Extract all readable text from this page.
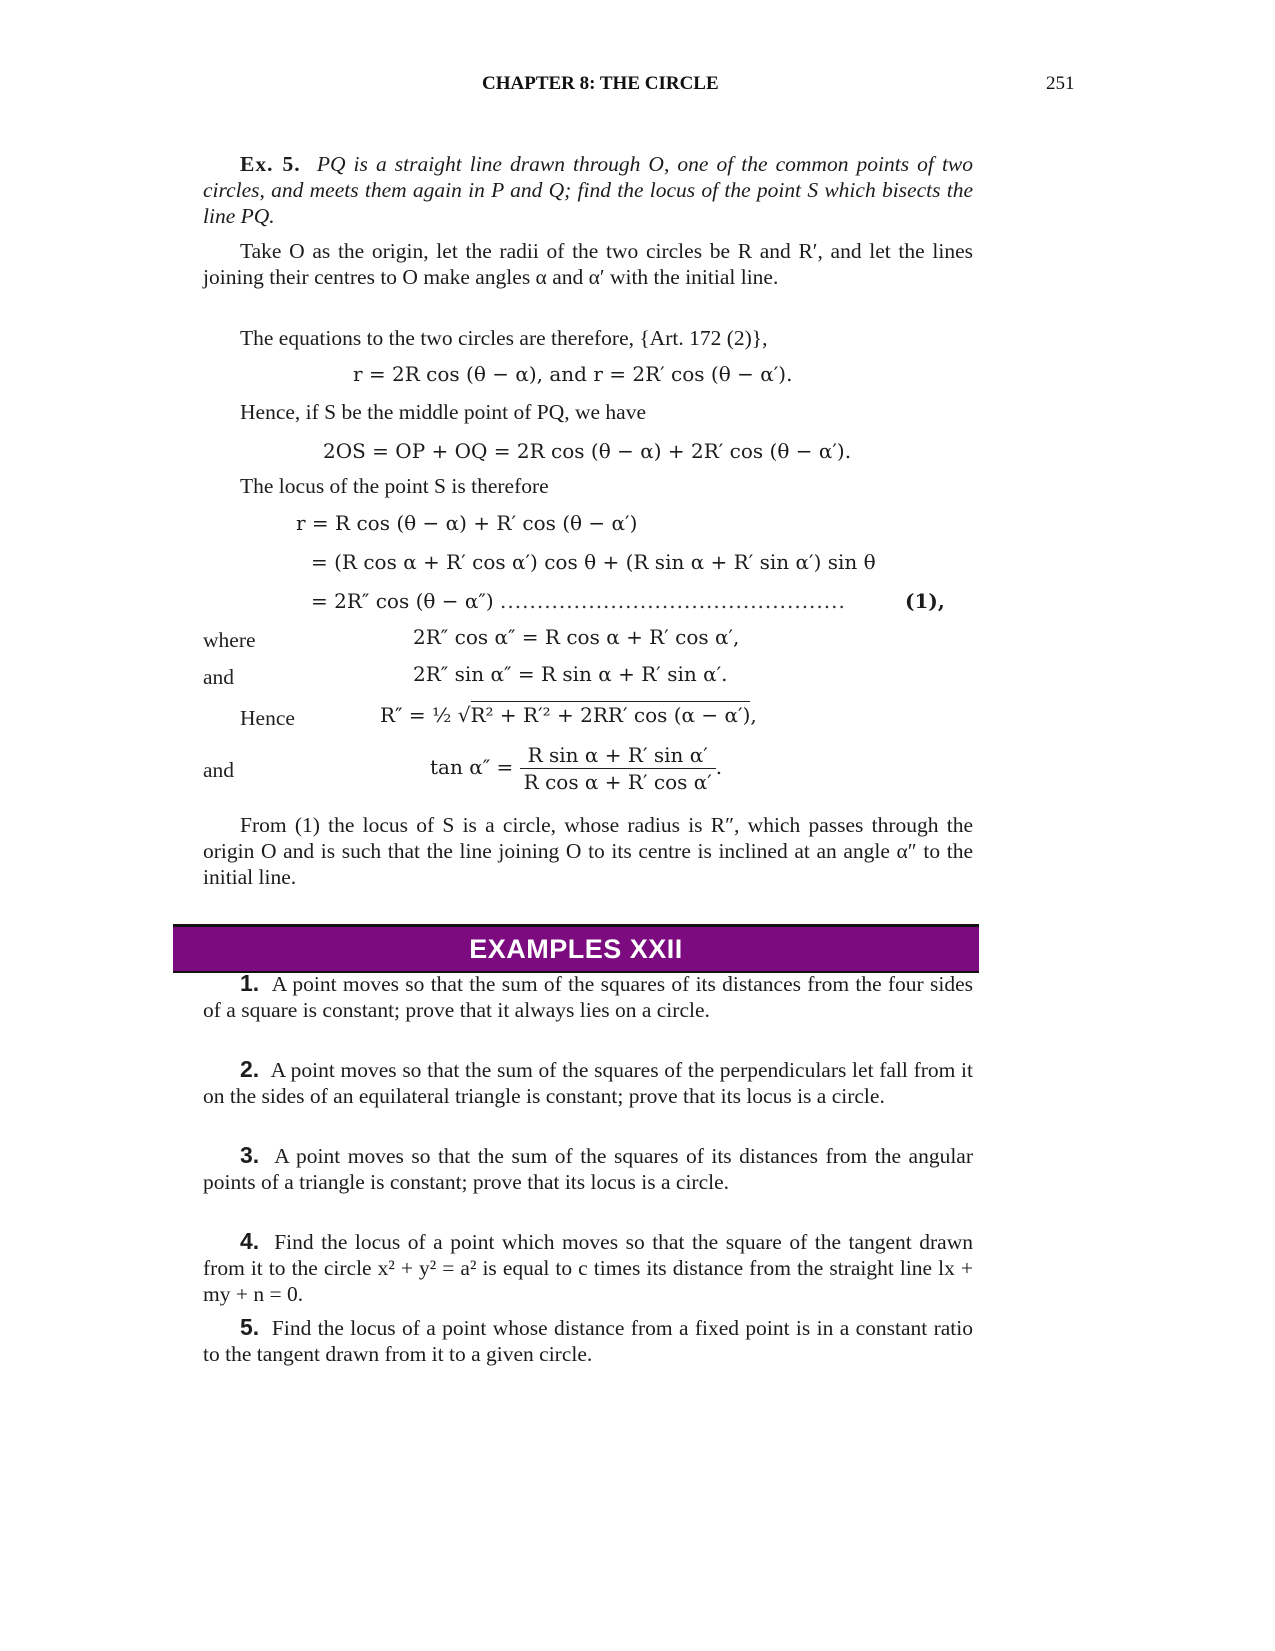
CHAPTER 8: THE CIRCLE	251

Ex. 5. PQ is a straight line drawn through O, one of the common points of two circles, and meets them again in P and Q; find the locus of the point S which bisects the line PQ.

Take O as the origin, let the radii of the two circles be R and R′, and let the lines joining their centres to O make angles α and α′ with the initial line.

The equations to the two circles are therefore, {Art. 172 (2)},

r = 2R cos (θ − α), and r = 2R′ cos (θ − α′).

Hence, if S be the middle point of PQ, we have

2OS = OP + OQ = 2R cos (θ − α) + 2R′ cos (θ − α′).

The locus of the point S is therefore

r = R cos (θ − α) + R′ cos (θ − α′)
= (R cos α + R′ cos α′) cos θ + (R sin α + R′ sin α′) sin θ
= 2R″ cos (θ − α″) ...............................................	(1),
where	2R″ cos α″ = R cos α + R′ cos α′,
and	2R″ sin α″ = R sin α + R′ sin α′.
Hence	R″ = ½ √R² + R′² + 2RR′ cos (α − α′),
and	$\tan \alpha'' = \frac{\text{R sin α + R′ sin α′}}{\text{R cos α + R′ cos α′}}$ .

From (1) the locus of S is a circle, whose radius is R″, which passes through the origin O and is such that the line joining O to its centre is inclined at an angle α″ to the initial line.

EXAMPLES XXII

1. A point moves so that the sum of the squares of its distances from the four sides of a square is constant; prove that it always lies on a circle.

2. A point moves so that the sum of the squares of the perpendiculars let fall from it on the sides of an equilateral triangle is constant; prove that its locus is a circle.

3. A point moves so that the sum of the squares of its distances from the angular points of a triangle is constant; prove that its locus is a circle.

4. Find the locus of a point which moves so that the square of the tangent drawn from it to the circle x² + y² = a² is equal to c times its distance from the straight line lx + my + n = 0.

5. Find the locus of a point whose distance from a fixed point is in a constant ratio to the tangent drawn from it to a given circle.
